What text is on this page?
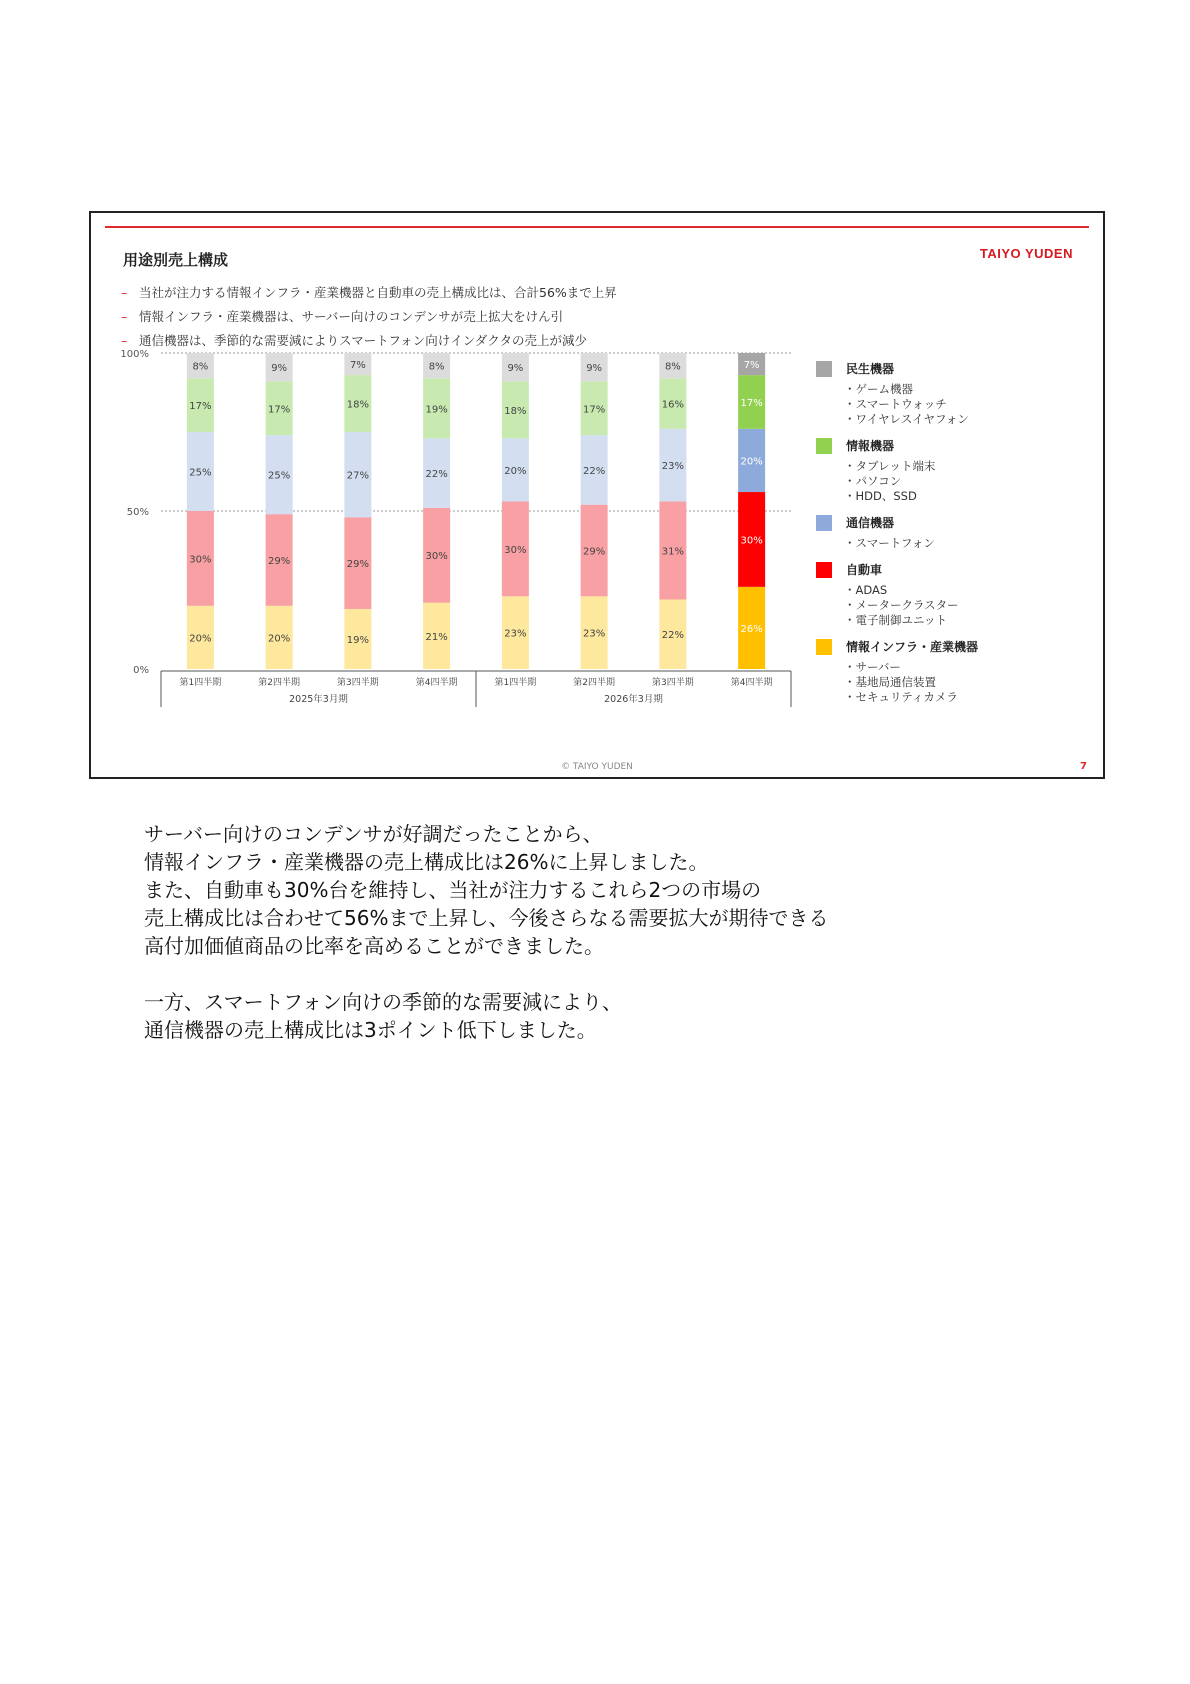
用途別売上構成	TAIYO YUDEN
– 当社が注力する情報インフラ・産業機器と自動車の売上構成比は、合計56%まで上昇
– 情報インフラ・産業機器は、サーバー向けのコンデンサが売上拡大をけん引
– 通信機器は、季節的な需要減によりスマートフォン向けインダクタの売上が減少
0%
50%
100%
20%
30%
25%
17%
8%
第1四半期
20%
29%
25%
17%
9%
第2四半期
19%
29%
27%
18%
7%
第3四半期
21%
30%
22%
19%
8%
第4四半期
23%
30%
20%
18%
9%
第1四半期
23%
29%
22%
17%
9%
第2四半期
22%
31%
23%
16%
8%
第3四半期
26%
30%
20%
17%
7%
第4四半期
2025年3月期	2026年3月期
民生機器
・ゲーム機器
・スマートウォッチ
・ワイヤレスイヤフォン
情報機器
・タブレット端末
・パソコン
・HDD、SSD
通信機器
・スマートフォン
自動車
・ADAS
・メータークラスター
・電子制御ユニット
情報インフラ・産業機器
・サーバー
・基地局通信装置
・セキュリティカメラ
© TAIYO YUDEN	7

サーバー向けのコンデンサが好調だったことから、
情報インフラ・産業機器の売上構成比は26%に上昇しました。
また、自動車も30%台を維持し、当社が注力するこれら2つの市場の
売上構成比は合わせて56%まで上昇し、今後さらなる需要拡大が期待できる
高付加価値商品の比率を高めることができました。

一方、スマートフォン向けの季節的な需要減により、
通信機器の売上構成比は3ポイント低下しました。
